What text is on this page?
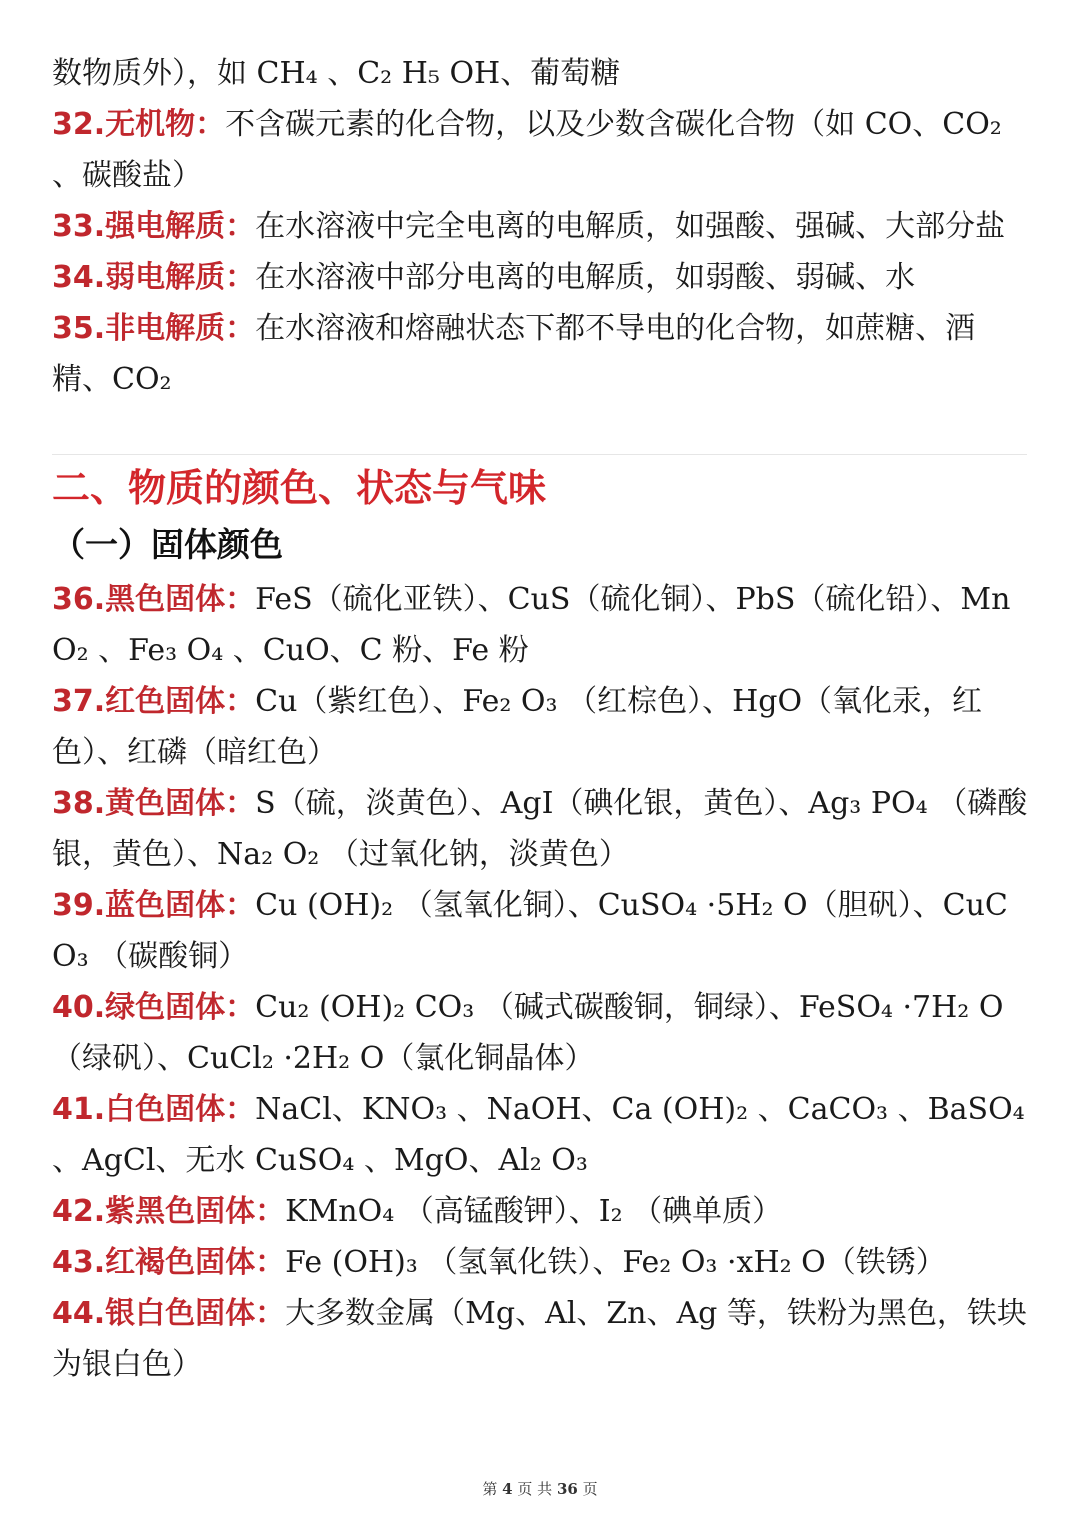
数物质外），如 CH₄ 、C₂ H₅ OH、葡萄糖

32.无机物：不含碳元素的化合物，以及少数含碳化合物（如 CO、CO₂ 、碳酸盐）

33.强电解质：在水溶液中完全电离的电解质，如强酸、强碱、大部分盐

34.弱电解质：在水溶液中部分电离的电解质，如弱酸、弱碱、水

35.非电解质：在水溶液和熔融状态下都不导电的化合物，如蔗糖、酒精、CO₂

二、物质的颜色、状态与气味
（一）固体颜色

36.黑色固体：FeS（硫化亚铁）、CuS（硫化铜）、PbS（硫化铅）、MnO₂ 、Fe₃ O₄ 、CuO、C 粉、Fe 粉

37.红色固体：Cu（紫红色）、Fe₂ O₃ （红棕色）、HgO（氧化汞，红色）、红磷（暗红色）

38.黄色固体：S（硫，淡黄色）、AgI（碘化银，黄色）、Ag₃ PO₄ （磷酸银，黄色）、Na₂ O₂ （过氧化钠，淡黄色）

39.蓝色固体：Cu (OH)₂ （氢氧化铜）、CuSO₄ ·5H₂ O（胆矾）、CuCO₃ （碳酸铜）

40.绿色固体：Cu₂ (OH)₂ CO₃ （碱式碳酸铜，铜绿）、FeSO₄ ·7H₂ O（绿矾）、CuCl₂ ·2H₂ O（氯化铜晶体）

41.白色固体：NaCl、KNO₃ 、NaOH、Ca (OH)₂ 、CaCO₃ 、BaSO₄ 、AgCl、无水 CuSO₄ 、MgO、Al₂ O₃

42.紫黑色固体：KMnO₄ （高锰酸钾）、I₂ （碘单质）

43.红褐色固体：Fe (OH)₃ （氢氧化铁）、Fe₂ O₃ ·xH₂ O（铁锈）

44.银白色固体：大多数金属（Mg、Al、Zn、Ag 等，铁粉为黑色，铁块为银白色）

第 4 页 共 36 页
